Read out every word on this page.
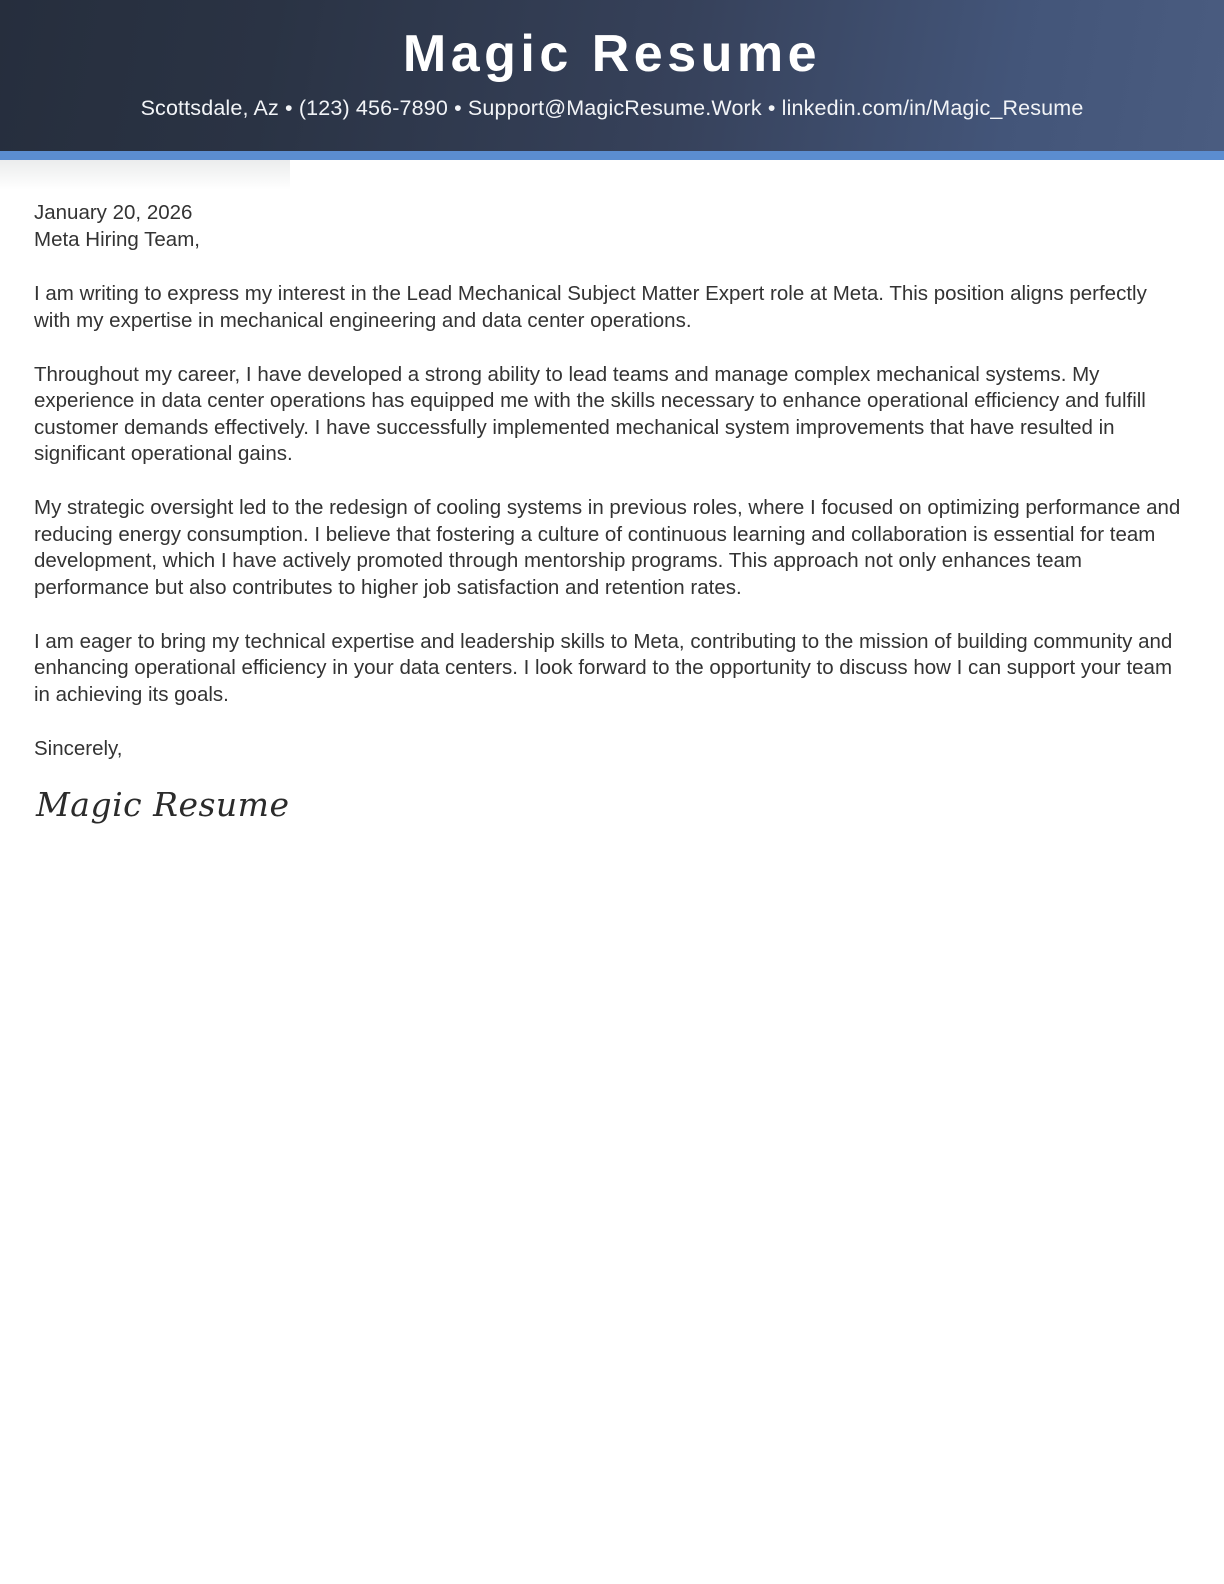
Magic Resume
Scottsdale, Az • (123) 456-7890 • Support@MagicResume.Work • linkedin.com/in/Magic_Resume
January 20, 2026
Meta Hiring Team,

I am writing to express my interest in the Lead Mechanical Subject Matter Expert role at Meta. This position aligns perfectly with my expertise in mechanical engineering and data center operations.

Throughout my career, I have developed a strong ability to lead teams and manage complex mechanical systems. My experience in data center operations has equipped me with the skills necessary to enhance operational efficiency and fulfill customer demands effectively. I have successfully implemented mechanical system improvements that have resulted in significant operational gains.

My strategic oversight led to the redesign of cooling systems in previous roles, where I focused on optimizing performance and reducing energy consumption. I believe that fostering a culture of continuous learning and collaboration is essential for team development, which I have actively promoted through mentorship programs. This approach not only enhances team performance but also contributes to higher job satisfaction and retention rates.

I am eager to bring my technical expertise and leadership skills to Meta, contributing to the mission of building community and enhancing operational efficiency in your data centers. I look forward to the opportunity to discuss how I can support your team in achieving its goals.

Sincerely,

Magic Resume
